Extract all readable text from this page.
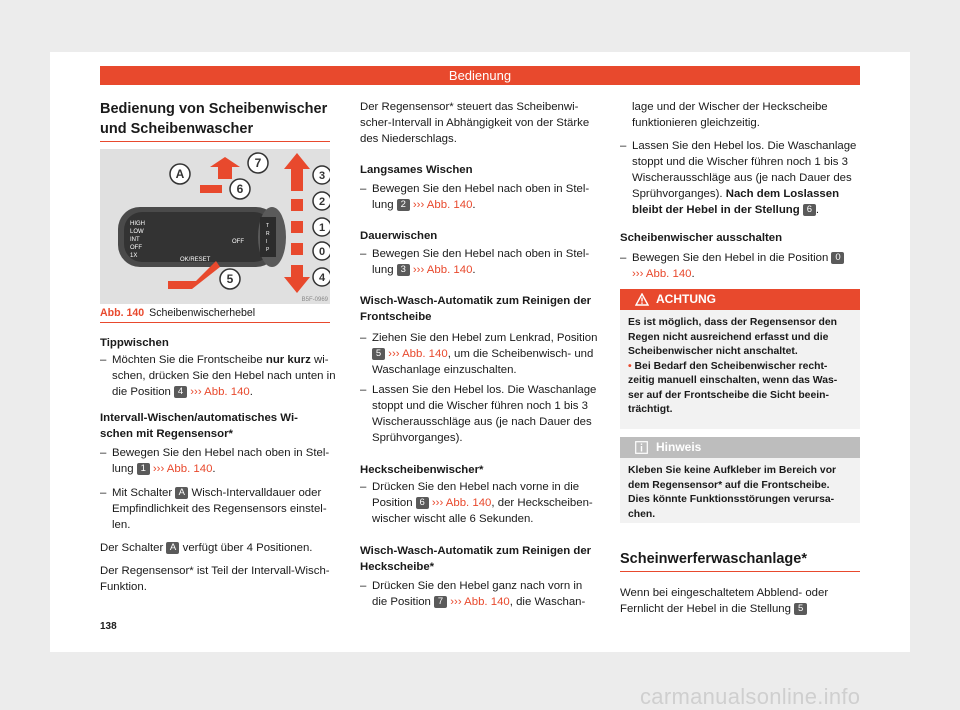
Bedienung
Bedienung von Scheibenwischer und Scheibenwascher
A
7
6
3
2
1
0
4
5
HIGH
LOW
INT
OFF
1X
OFF
OK/RESET
T
R
I
P
B5F-0969
Abb. 140 Scheibenwischerhebel
Tippwischen
– Möchten Sie die Frontscheibe nur kurz wi-
schen, drücken Sie den Hebel nach unten in
die Position 4 ››› Abb. 140.
Intervall-Wischen/automatisches Wi-
schen mit Regensensor*
– Bewegen Sie den Hebel nach oben in Stel-
lung 1 ››› Abb. 140.
– Mit Schalter A Wisch-Intervalldauer oder
Empfindlichkeit des Regensensors einstel-
len.
Der Schalter A verfügt über 4 Positionen.
Der Regensensor* ist Teil der Intervall-Wisch-
Funktion.
Der Regensensor* steuert das Scheibenwi-
scher-Intervall in Abhängigkeit von der Stärke
des Niederschlags.
Langsames Wischen
– Bewegen Sie den Hebel nach oben in Stel-
lung 2 ››› Abb. 140.
Dauerwischen
– Bewegen Sie den Hebel nach oben in Stel-
lung 3 ››› Abb. 140.
Wisch-Wasch-Automatik zum Reinigen der
Frontscheibe
– Ziehen Sie den Hebel zum Lenkrad, Position
5 ››› Abb. 140, um die Scheibenwisch- und
Waschanlage einzuschalten.
– Lassen Sie den Hebel los. Die Waschanlage
stoppt und die Wischer führen noch 1 bis 3
Wischerausschläge aus (je nach Dauer des
Sprühvorganges).
Heckscheibenwischer*
– Drücken Sie den Hebel nach vorne in die
Position 6 ››› Abb. 140, der Heckscheiben-
wischer wischt alle 6 Sekunden.
Wisch-Wasch-Automatik zum Reinigen der
Heckscheibe*
– Drücken Sie den Hebel ganz nach vorn in
die Position 7 ››› Abb. 140, die Waschan-
lage und der Wischer der Heckscheibe
funktionieren gleichzeitig.
– Lassen Sie den Hebel los. Die Waschanlage
stoppt und die Wischer führen noch 1 bis 3
Wischerausschläge aus (je nach Dauer des
Sprühvorganges). Nach dem Loslassen
bleibt der Hebel in der Stellung 6 .
Scheibenwischer ausschalten
– Bewegen Sie den Hebel in die Position 0
››› Abb. 140.
ACHTUNG
Es ist möglich, dass der Regensensor den
Regen nicht ausreichend erfasst und die
Scheibenwischer nicht anschaltet.
• Bei Bedarf den Scheibenwischer recht-
zeitig manuell einschalten, wenn das Was-
ser auf der Frontscheibe die Sicht beein-
trächtigt.
Hinweis
Kleben Sie keine Aufkleber im Bereich vor
dem Regensensor* auf die Frontscheibe.
Dies könnte Funktionsstörungen verursa-
chen.
Scheinwerferwaschanlage*
Wenn bei eingeschaltetem Abblend- oder
Fernlicht der Hebel in die Stellung 5
138
carmanualsonline.info
